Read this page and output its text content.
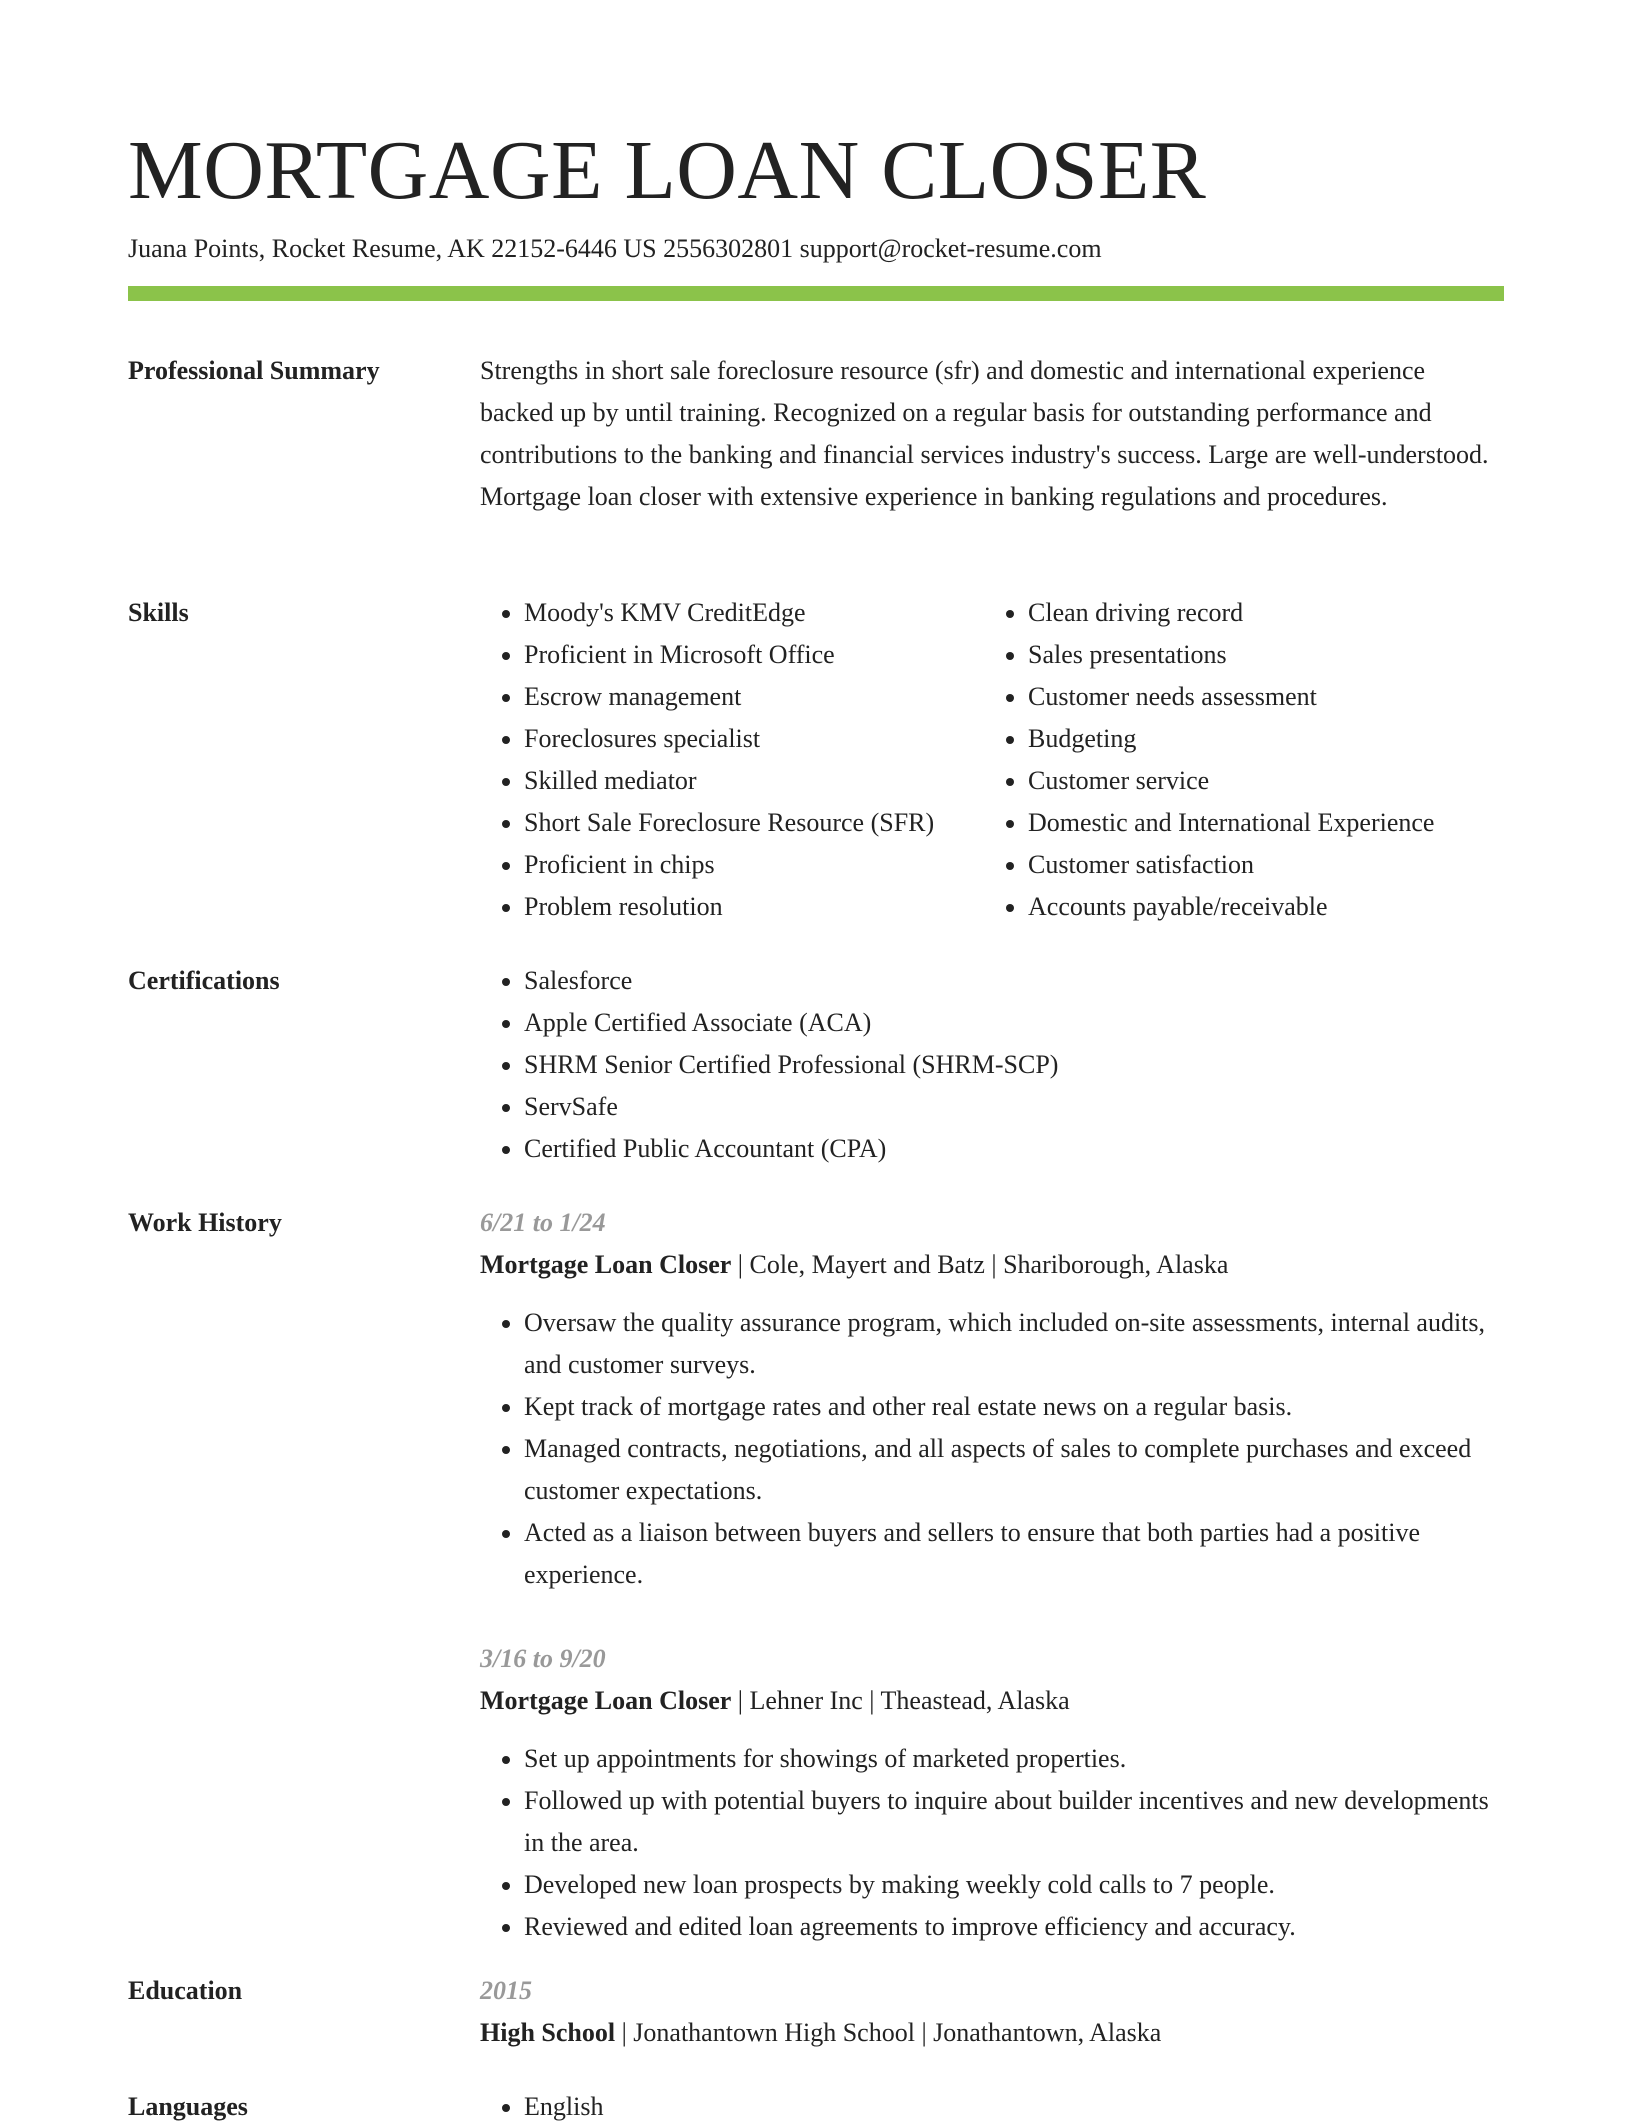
MORTGAGE LOAN CLOSER
Juana Points, Rocket Resume, AK 22152-6446 US 2556302801 support@rocket-resume.com
Professional Summary	Strengths in short sale foreclosure resource (sfr) and domestic and international experience backed up by until training. Recognized on a regular basis for outstanding performance and contributions to the banking and financial services industry's success. Large are well-understood. Mortgage loan closer with extensive experience in banking regulations and procedures.

Skills	• Moody's KMV CreditEdge
• Proficient in Microsoft Office
• Escrow management
• Foreclosures specialist
• Skilled mediator
• Short Sale Foreclosure Resource (SFR)
• Proficient in chips
• Problem resolution
• Clean driving record
• Sales presentations
• Customer needs assessment
• Budgeting
• Customer service
• Domestic and International Experience
• Customer satisfaction
• Accounts payable/receivable
Certifications	• Salesforce
• Apple Certified Associate (ACA)
• SHRM Senior Certified Professional (SHRM-SCP)
• ServSafe
• Certified Public Accountant (CPA)
Work History	6/21 to 1/24
Mortgage Loan Closer | Cole, Mayert and Batz | Shariborough, Alaska
• Oversaw the quality assurance program, which included on-site assessments, internal audits, and customer surveys.
• Kept track of mortgage rates and other real estate news on a regular basis.
• Managed contracts, negotiations, and all aspects of sales to complete purchases and exceed customer expectations.
• Acted as a liaison between buyers and sellers to ensure that both parties had a positive experience.
3/16 to 9/20
Mortgage Loan Closer | Lehner Inc | Theastead, Alaska
• Set up appointments for showings of marketed properties.
• Followed up with potential buyers to inquire about builder incentives and new developments in the area.
• Developed new loan prospects by making weekly cold calls to 7 people.
• Reviewed and edited loan agreements to improve efficiency and accuracy.
Education	2015
High School | Jonathantown High School | Jonathantown, Alaska
Languages	• English
